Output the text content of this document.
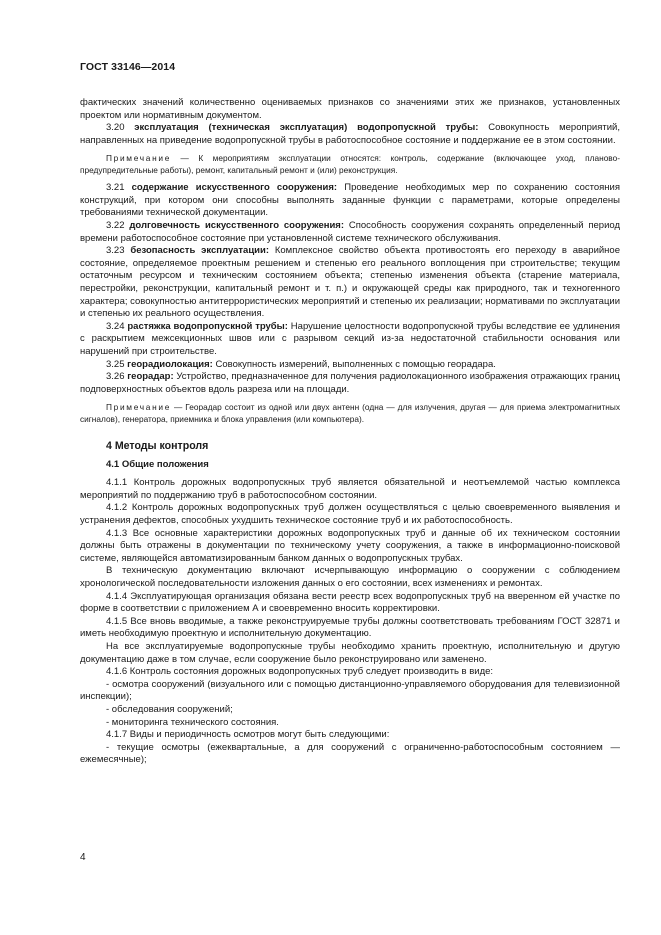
ГОСТ 33146—2014

фактических значений количественно оцениваемых признаков со значениями этих же признаков, установленных проектом или нормативным документом.

3.20 эксплуатация (техническая эксплуатация) водопропускной трубы: Совокупность мероприятий, направленных на приведение водопропускной трубы в работоспособное состояние и поддержание ее в этом состоянии.

Примечание — К мероприятиям эксплуатации относятся: контроль, содержание (включающее уход, планово-предупредительные работы), ремонт, капитальный ремонт и (или) реконструкция.

3.21 содержание искусственного сооружения: Проведение необходимых мер по сохранению состояния конструкций, при котором они способны выполнять заданные функции с параметрами, которые определены требованиями технической документации.

3.22 долговечность искусственного сооружения: Способность сооружения сохранять определенный период времени работоспособное состояние при установленной системе технического обслуживания.

3.23 безопасность эксплуатации: Комплексное свойство объекта противостоять его переходу в аварийное состояние, определяемое проектным решением и степенью его реального воплощения при строительстве; текущим остаточным ресурсом и техническим состоянием объекта; степенью изменения объекта (старение материала, перестройки, реконструкции, капитальный ремонт и т. п.) и окружающей среды как природного, так и техногенного характера; совокупностью антитеррористических мероприятий и степенью их реализации; нормативами по эксплуатации и степенью их реального осуществления.

3.24 растяжка водопропускной трубы: Нарушение целостности водопропускной трубы вследствие ее удлинения с раскрытием межсекционных швов или с разрывом секций из-за недостаточной стабильности основания или нарушений при строительстве.

3.25 георадиолокация: Совокупность измерений, выполненных с помощью георадара.

3.26 георадар: Устройство, предназначенное для получения радиолокационного изображения отражающих границ подповерхностных объектов вдоль разреза или на площади.

Примечание — Георадар состоит из одной или двух антенн (одна — для излучения, другая — для приема электромагнитных сигналов), генератора, приемника и блока управления (или компьютера).

4 Методы контроля
4.1 Общие положения

4.1.1 Контроль дорожных водопропускных труб является обязательной и неотъемлемой частью комплекса мероприятий по поддержанию труб в работоспособном состоянии.

4.1.2 Контроль дорожных водопропускных труб должен осуществляться с целью своевременного выявления и устранения дефектов, способных ухудшить техническое состояние труб и их работоспособность.

4.1.3 Все основные характеристики дорожных водопропускных труб и данные об их техническом состоянии должны быть отражены в документации по техническому учету сооружения, а также в информационно-поисковой системе, являющейся автоматизированным банком данных о водопропускных трубах.

В техническую документацию включают исчерпывающую информацию о сооружении с соблюдением хронологической последовательности изложения данных о его состоянии, всех изменениях и ремонтах.

4.1.4 Эксплуатирующая организация обязана вести реестр всех водопропускных труб на вверенном ей участке по форме в соответствии с приложением А и своевременно вносить корректировки.

4.1.5 Все вновь вводимые, а также реконструируемые трубы должны соответствовать требованиям ГОСТ 32871 и иметь необходимую проектную и исполнительную документацию.

На все эксплуатируемые водопропускные трубы необходимо хранить проектную, исполнительную и другую документацию даже в том случае, если сооружение было реконструировано или заменено.

4.1.6 Контроль состояния дорожных водопропускных труб следует производить в виде:

- осмотра сооружений (визуального или с помощью дистанционно-управляемого оборудования для телевизионной инспекции);

- обследования сооружений;

- мониторинга технического состояния.

4.1.7 Виды и периодичность осмотров могут быть следующими:

- текущие осмотры (ежеквартальные, а для сооружений с ограниченно-работоспособным состоянием — ежемесячные);

4
